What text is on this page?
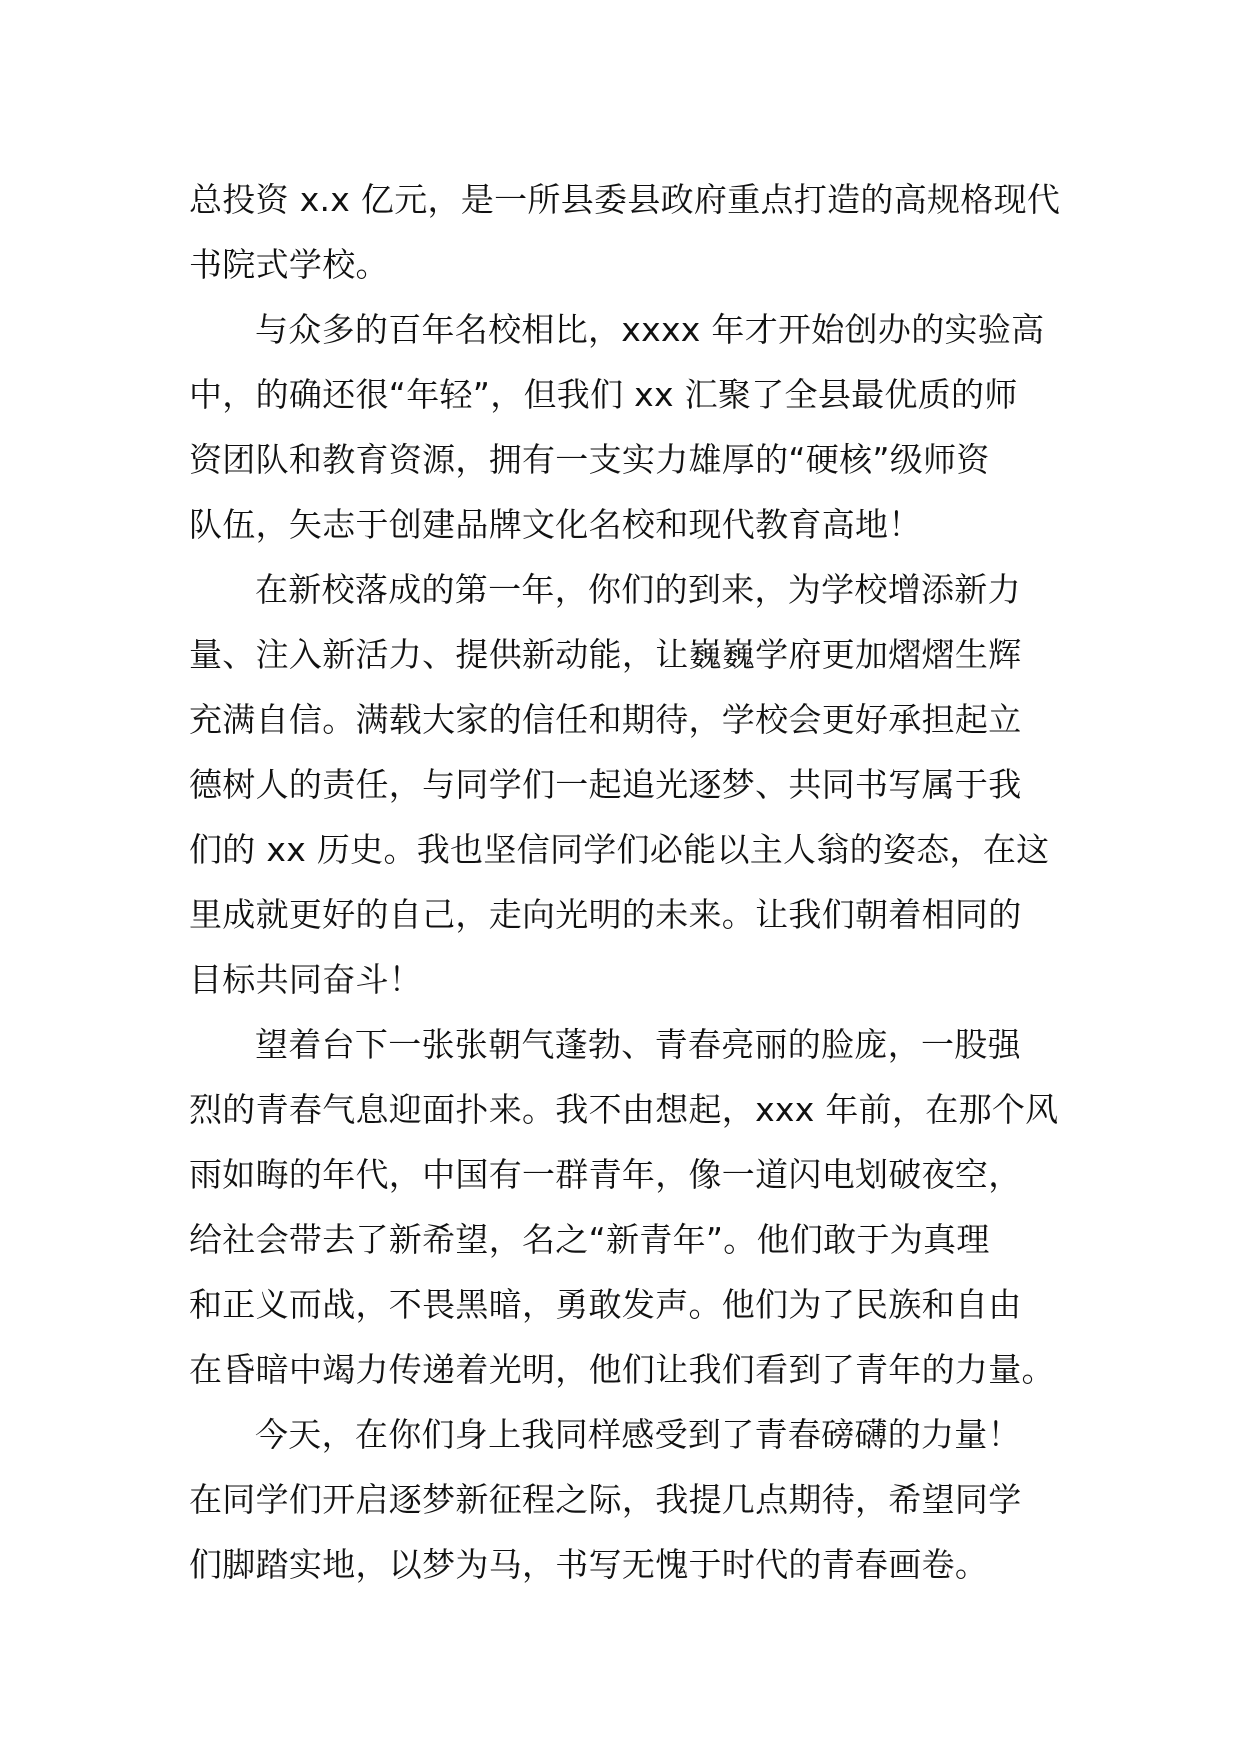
总投资 x.x 亿元，是一所县委县政府重点打造的高规格现代
书院式学校。
与众多的百年名校相比，xxxx 年才开始创办的实验高
中，的确还很“年轻”，但我们 xx 汇聚了全县最优质的师
资团队和教育资源，拥有一支实力雄厚的“硬核”级师资
队伍，矢志于创建品牌文化名校和现代教育高地！
在新校落成的第一年，你们的到来，为学校增添新力
量、注入新活力、提供新动能，让巍巍学府更加熠熠生辉
充满自信。满载大家的信任和期待，学校会更好承担起立
德树人的责任，与同学们一起追光逐梦、共同书写属于我
们的 xx 历史。我也坚信同学们必能以主人翁的姿态，在这
里成就更好的自己，走向光明的未来。让我们朝着相同的
目标共同奋斗！
望着台下一张张朝气蓬勃、青春亮丽的脸庞，一股强
烈的青春气息迎面扑来。我不由想起，xxx 年前，在那个风
雨如晦的年代，中国有一群青年，像一道闪电划破夜空，
给社会带去了新希望，名之“新青年”。他们敢于为真理
和正义而战，不畏黑暗，勇敢发声。他们为了民族和自由
在昏暗中竭力传递着光明，他们让我们看到了青年的力量。
今天，在你们身上我同样感受到了青春磅礴的力量！
在同学们开启逐梦新征程之际，我提几点期待，希望同学
们脚踏实地，以梦为马，书写无愧于时代的青春画卷。
